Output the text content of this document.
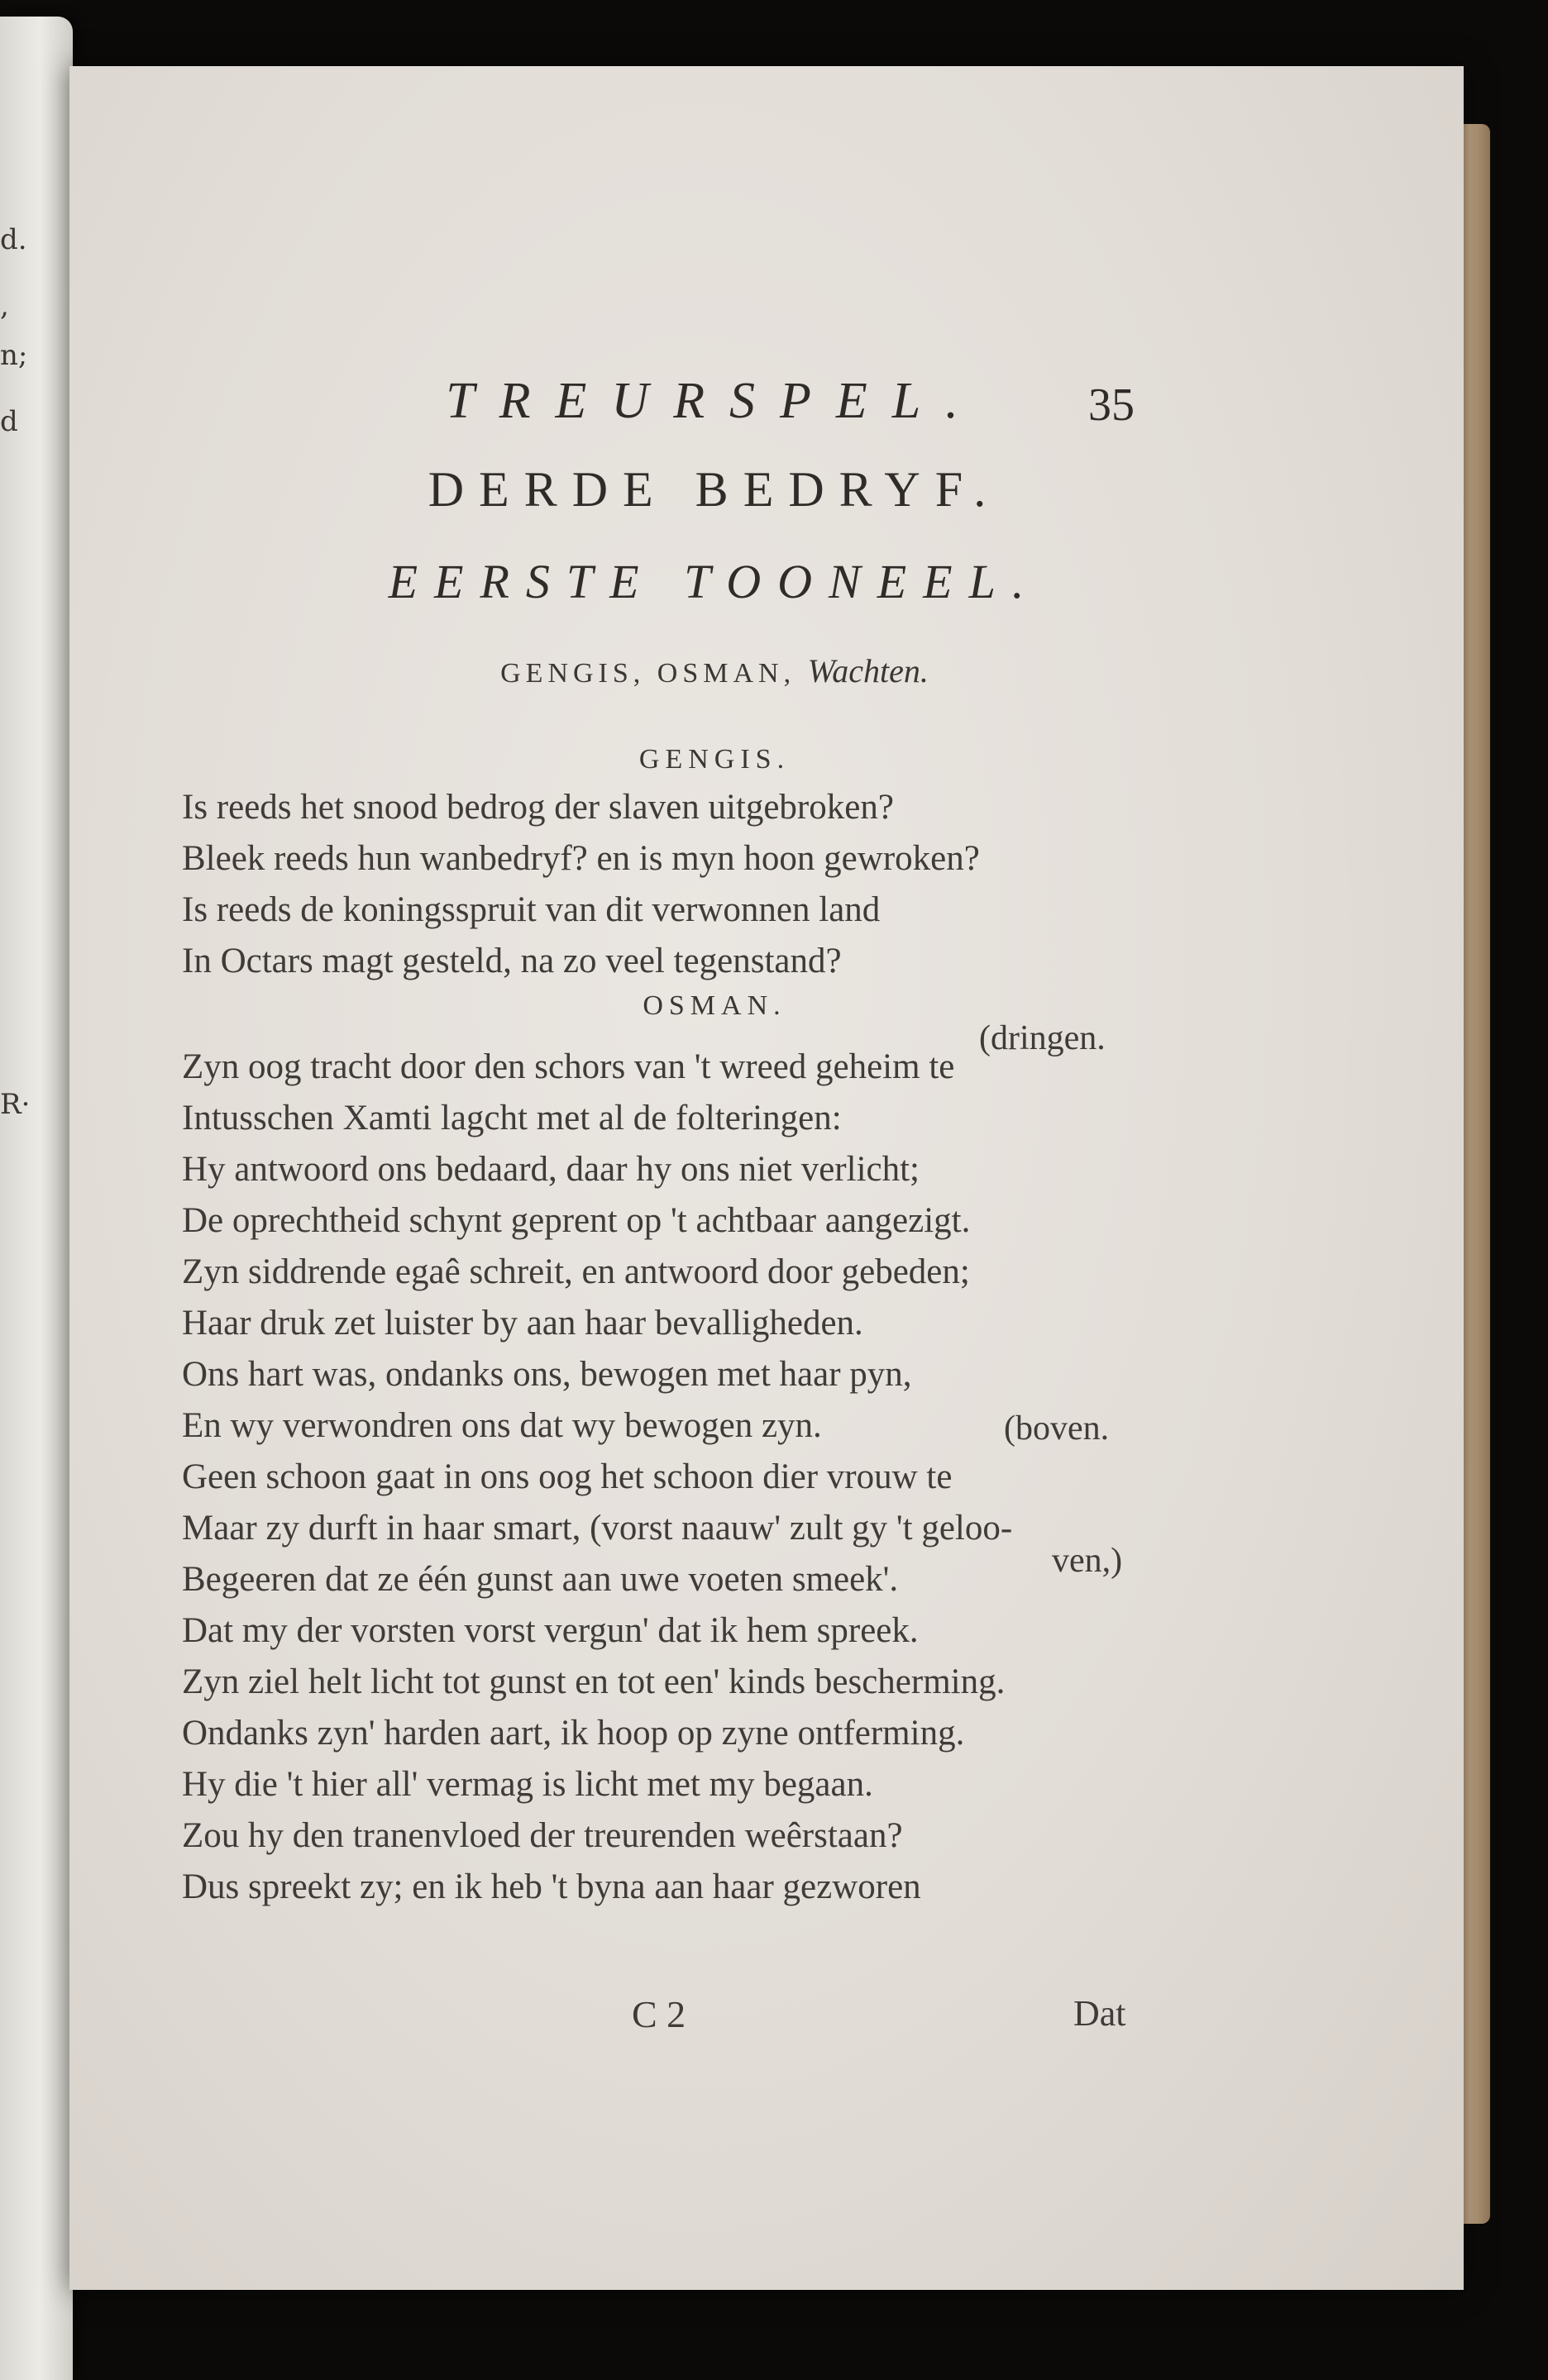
d.
,
n;
d
R·
TREURSPEL.	35
DERDE BEDRYF.
EERSTE TOONEEL.
GENGIS, OSMAN, Wachten.
GENGIS.
Is reeds het snood bedrog der slaven uitgebroken?
Bleek reeds hun wanbedryf? en is myn hoon gewroken?
Is reeds de koningsspruit van dit verwonnen land
In Octars magt gesteld, na zo veel tegenstand?
OSMAN.
(dringen.
Zyn oog tracht door den schors van 't wreed geheim te
Intusschen Xamti lagcht met al de folteringen:
Hy antwoord ons bedaard, daar hy ons niet verlicht;
De oprechtheid schynt geprent op 't achtbaar aangezigt.
Zyn siddrende egaê schreit, en antwoord door gebeden;
Haar druk zet luister by aan haar bevalligheden.
Ons hart was, ondanks ons, bewogen met haar pyn,
En wy verwondren ons dat wy bewogen zyn.	(boven.
Geen schoon gaat in ons oog het schoon dier vrouw te
Maar zy durft in haar smart, (vorst naauw' zult gy 't geloo-
Begeeren dat ze één gunst aan uwe voeten smeek'.	ven,)
Dat my der vorsten vorst vergun' dat ik hem spreek.
Zyn ziel helt licht tot gunst en tot een' kinds bescherming.
Ondanks zyn' harden aart, ik hoop op zyne ontferming.
Hy die 't hier all' vermag is licht met my begaan.
Zou hy den tranenvloed der treurenden weêrstaan?
Dus spreekt zy; en ik heb 't byna aan haar gezworen
C 2	Dat
